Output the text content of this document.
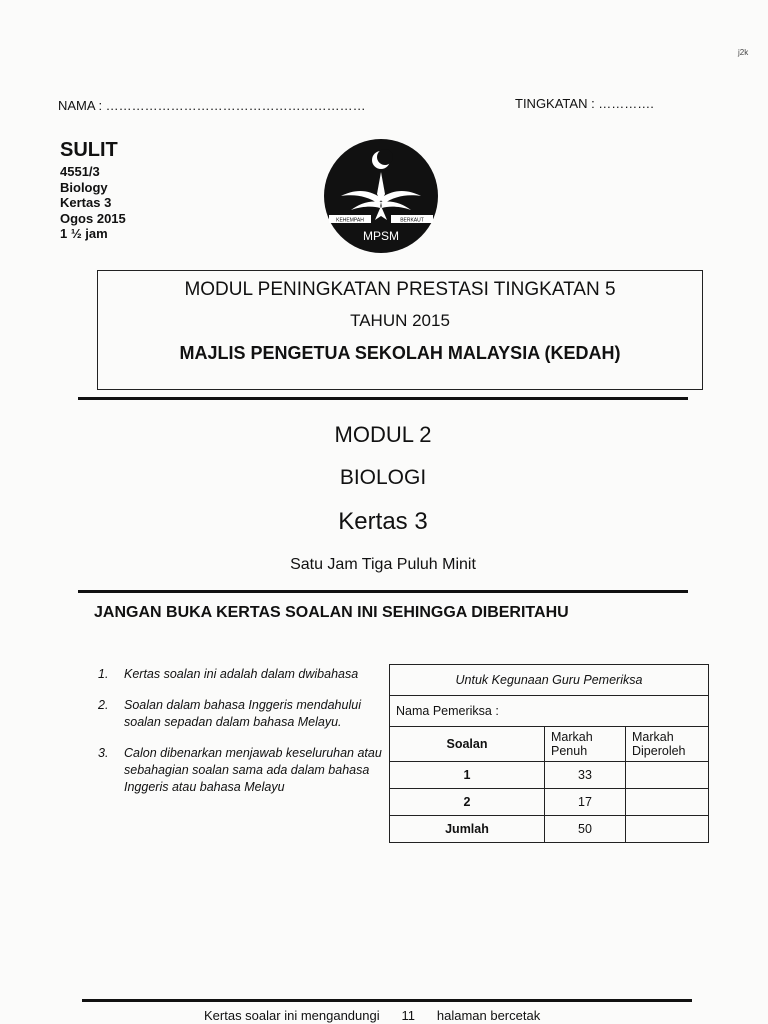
j2k
NAMA : ……………………………………………………	TINGKATAN : ………….
SULIT
4551/3
Biology
Kertas 3
Ogos 2015
1 ½ jam
KEHEMPAH	BERKAUT
MPSM
MODUL PENINGKATAN PRESTASI TINGKATAN 5
TAHUN 2015
MAJLIS PENGETUA SEKOLAH MALAYSIA (KEDAH)
MODUL 2
BIOLOGI
Kertas 3
Satu Jam Tiga Puluh Minit
JANGAN BUKA KERTAS SOALAN INI SEHINGGA DIBERITAHU
1.	Kertas soalan ini adalah dalam dwibahasa
2.	Soalan dalam bahasa Inggeris mendahului soalan sepadan dalam bahasa Melayu.
3.	Calon dibenarkan menjawab keseluruhan atau sebahagian soalan sama ada dalam bahasa Inggeris atau bahasa Melayu
Untuk Kegunaan Guru Pemeriksa		
Nama Pemeriksa :		
Soalan	Markah Penuh	Markah Diperoleh
1	33	
2	17	
Jumlah	50	
Kertas soalar ini mengandungi 11 halaman bercetak
